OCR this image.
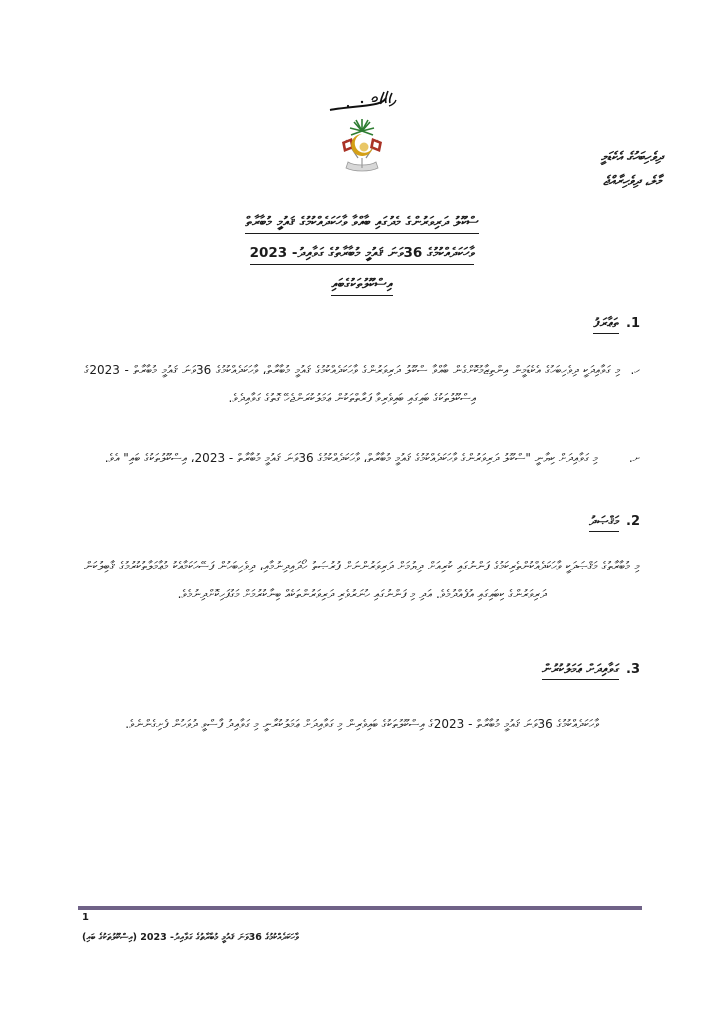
ދިވެހިބަހުގެ އެކެޑަމީ
މާލެ، ދިވެހިރާއްޖެ
ސްކޫލު ދަރިވަރުންގެ މެދުގައި ބާއްވާ ވާހަކަދެއްކުމުގެ ޤައުމީ މުބާރާތް
ވާހަކަދެއްކުމުގެ 36ވަނަ ޤައުމީ މުބާރާތުގެ ގަވާއިދު- 2023
އިސްކޫލުތަކުގެބައި
1.
ތަޢާރަފު
ހ.
މި ގަވާއިދަކީ ދިވެހިބަހުގެ އެކެޑަމީން އިންތިޒާމުކޮށްގެން ބާއްވާ ސްކޫލު ދަރިވަރުންގެ ވާހަކަދެއްކުމުގެ ޤައުމީ މުބާރާތް، ވާހަކަދެއްކުމުގެ 36ވަނަ ޤައުމީ މުބާރާތް - 2023ގެ އިސްކޫލުތަކުގެ ބައިގައި ބައިވެރިވާ ފަރާތްތަކުން ޢަމަލުކުރަންޖެހޭ ގޮތުގެ ގަވާއިދެވެ.
ށ.
މި ގަވާއިދަށް ކިޔާނީ "ސްކޫލު ދަރިވަރުންގެ ވާހަކަދެއްކުމުގެ ޤައުމީ މުބާރާތް، ވާހަކަދެއްކުމުގެ 36ވަނަ ޤައުމީ މުބާރާތް - 2023، އިސްކޫލުތަކުގެ ބައި" އެވެ.
2.
މަޤްޞަދު
މި މުބާރާތުގެ މަޤްޞަދަކީ ވާހަކަދެއްކުންތެރިކަމުގެ ފަންނުގައި ކުރިއަށް ދިޔުމަށް ދަރިވަރުންނަށް ފުރުޞަތު ހޯދައިދިނުމާއި، ދިވެހިބަހުން ފަސޭހަކަމާއެކު މުޢާމަލާތުކުރުމުގެ ޤާބިލުކަން ދަރިވަރުންގެ ކިބައިގައި އުފެއްދުމެވެ. އަދި މި ފަންނުގައި ހުނަރުވެރި ދަރިވަރުންތަކެއް ބިނާކުރުމަށް މަގުފަހިކޮށްދިނުމެވެ.
3.
ގަވާއިދަށް ޢަމަލުކުރުން
ވާހަކަދެއްކުމުގެ 36ވަނަ ޤައުމީ މުބާރާތް - 2023ގެ އިސްކޫލުތަކުގެ ބައިވެރިން މި ގަވާއިދަށް ޢަމަލުކުރާނީ މި ގަވާއިދު ފާސްވީ ދުވަހުން ފެށިގެންނެވެ.
1
ވާހަކަދެއްކުމުގެ 36ވަނަ ޤައުމީ މުބާރާތުގެ ގަވާއިދު- 2023 (އިސްކޫލުތަކުގެ ބައި)
